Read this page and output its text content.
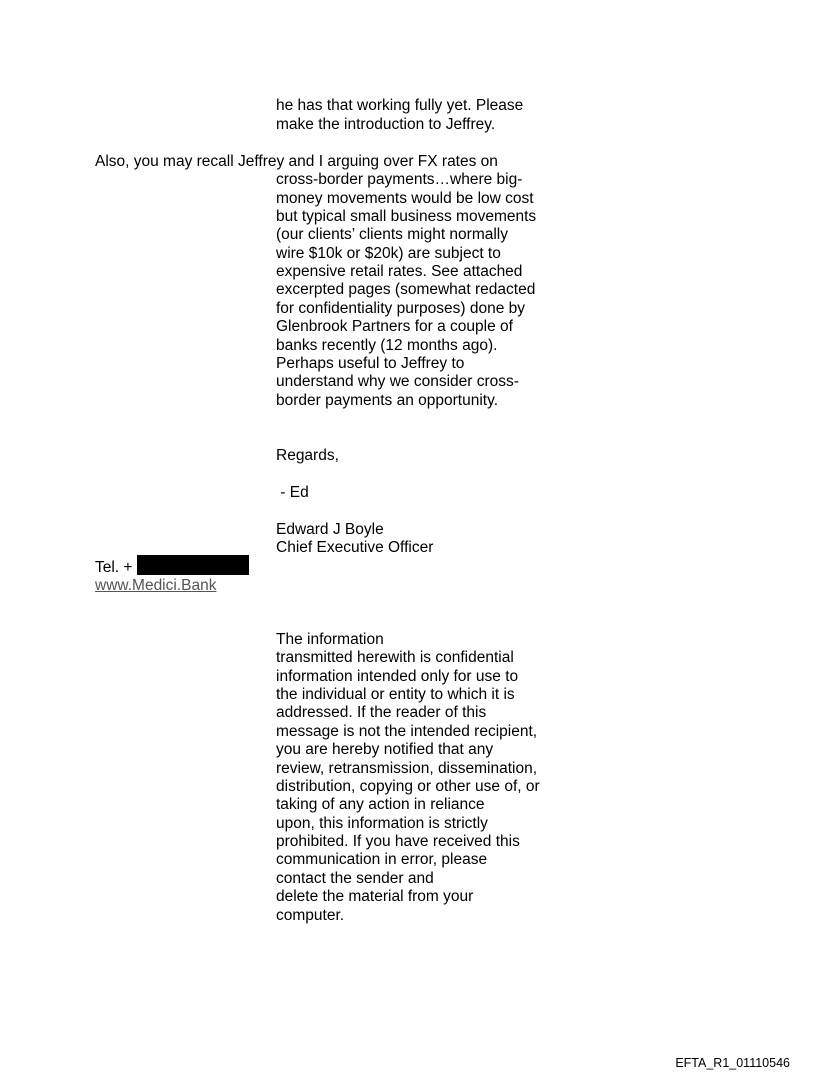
he has that working fully yet. Please
make the introduction to Jeffrey.
Also, you may recall Jeffrey and I arguing over FX rates on
cross-border payments…where big-
money movements would be low cost
but typical small business movements
(our clients’ clients might normally
wire $10k or $20k) are subject to
expensive retail rates. See attached
excerpted pages (somewhat redacted
for confidentiality purposes) done by
Glenbrook Partners for a couple of
banks recently (12 months ago).
Perhaps useful to Jeffrey to
understand why we consider cross-
border payments an opportunity.
Regards,
- Ed
Edward J Boyle
Chief Executive Officer
Tel. +
www.Medici.Bank
The information
transmitted herewith is confidential
information intended only for use to
the individual or entity to which it is
addressed. If the reader of this
message is not the intended recipient,
you are hereby notified that any
review, retransmission, dissemination,
distribution, copying or other use of, or
taking of any action in reliance
upon, this information is strictly
prohibited. If you have received this
communication in error, please
contact the sender and
delete the material from your
computer.
EFTA_R1_01110546
